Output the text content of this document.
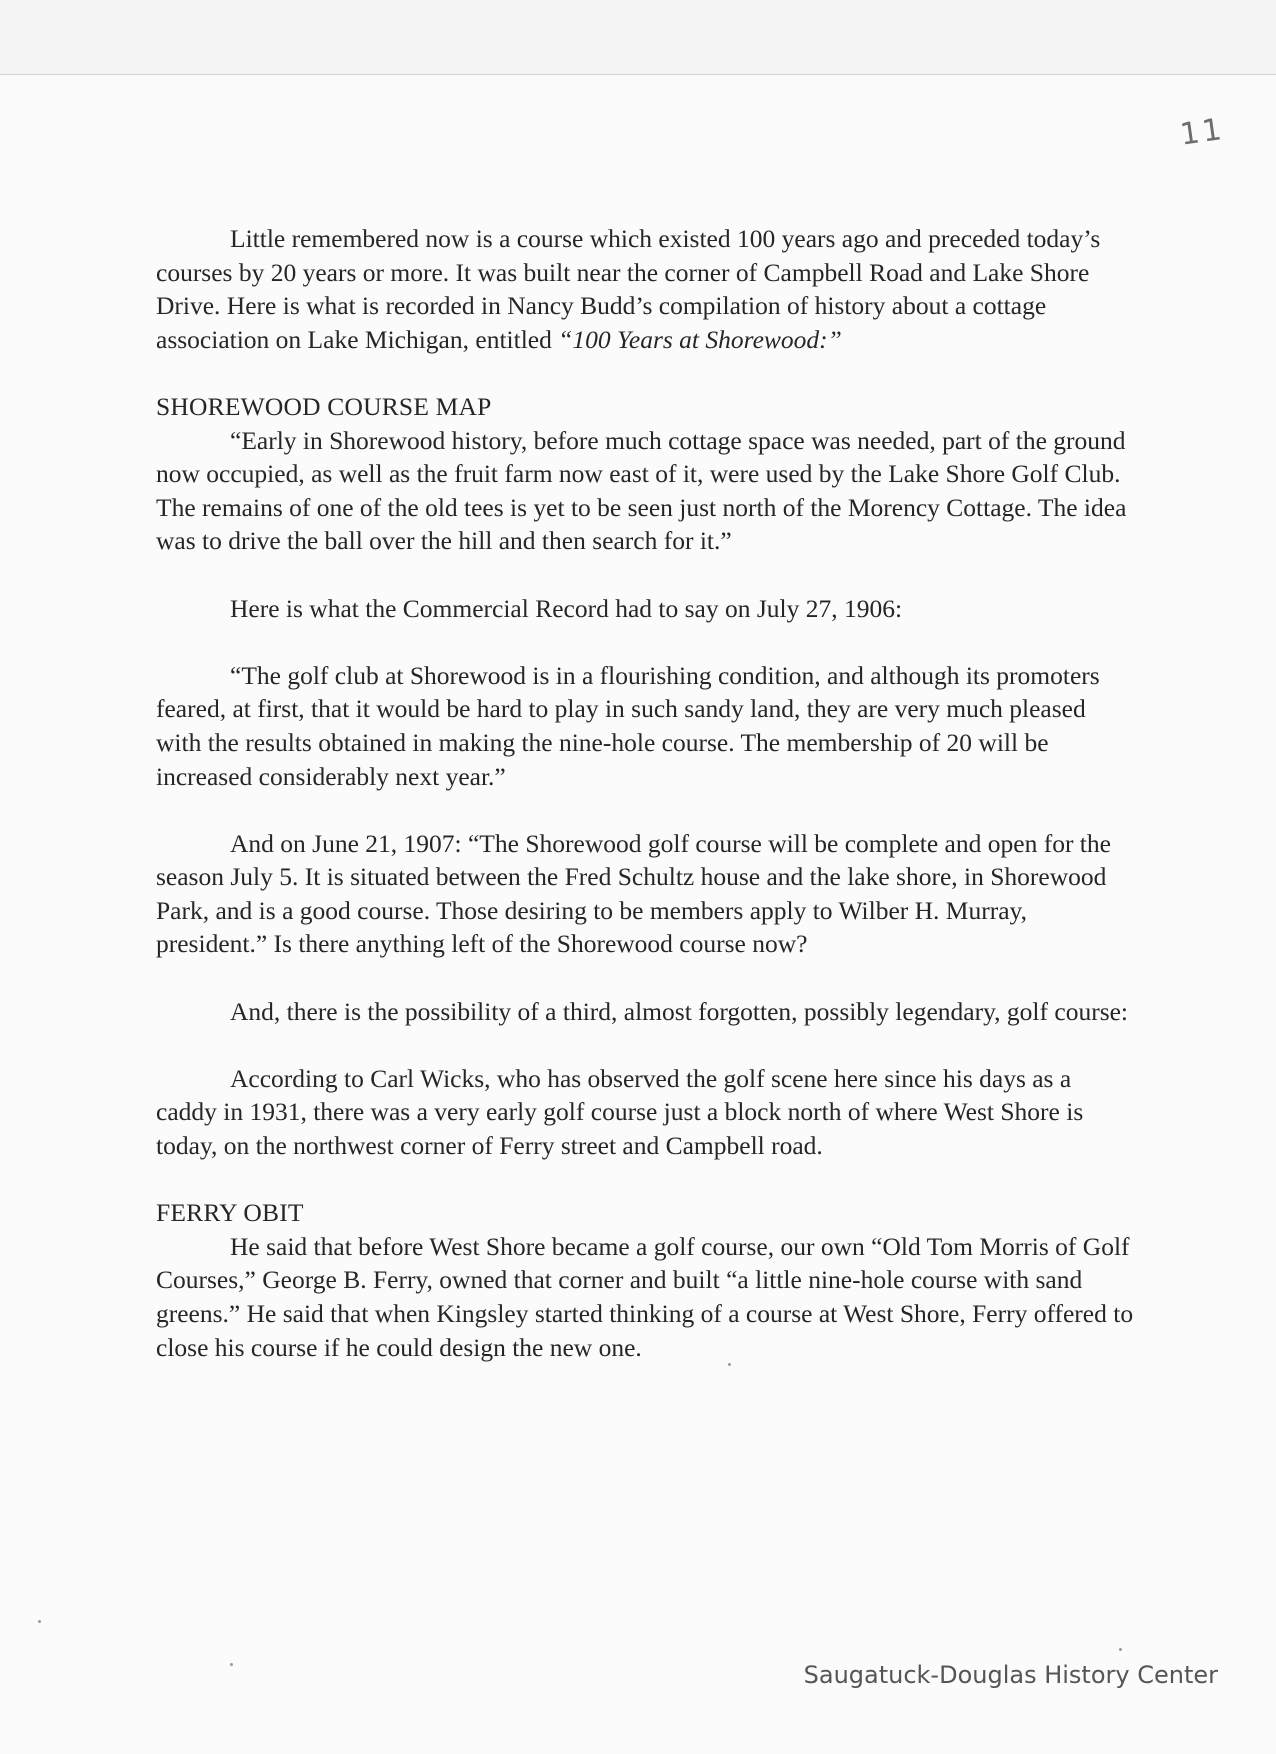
11

Little remembered now is a course which existed 100 years ago and preceded today’s courses by 20 years or more. It was built near the corner of Campbell Road and Lake Shore Drive. Here is what is recorded in Nancy Budd’s compilation of history about a cottage association on Lake Michigan, entitled “100 Years at Shorewood:”

SHOREWOOD COURSE MAP

“Early in Shorewood history, before much cottage space was needed, part of the ground now occupied, as well as the fruit farm now east of it, were used by the Lake Shore Golf Club. The remains of one of the old tees is yet to be seen just north of the Morency Cottage. The idea was to drive the ball over the hill and then search for it.”

Here is what the Commercial Record had to say on July 27, 1906:

“The golf club at Shorewood is in a flourishing condition, and although its promoters feared, at first, that it would be hard to play in such sandy land, they are very much pleased with the results obtained in making the nine-hole course. The membership of 20 will be increased considerably next year.”

And on June 21, 1907: “The Shorewood golf course will be complete and open for the season July 5. It is situated between the Fred Schultz house and the lake shore, in Shorewood Park, and is a good course. Those desiring to be members apply to Wilber H. Murray, president.” Is there anything left of the Shorewood course now?

And, there is the possibility of a third, almost forgotten, possibly legendary, golf course:

According to Carl Wicks, who has observed the golf scene here since his days as a caddy in 1931, there was a very early golf course just a block north of where West Shore is today, on the northwest corner of Ferry street and Campbell road.

FERRY OBIT

He said that before West Shore became a golf course, our own “Old Tom Morris of Golf Courses,” George B. Ferry, owned that corner and built “a little nine-hole course with sand greens.” He said that when Kingsley started thinking of a course at West Shore, Ferry offered to close his course if he could design the new one.

Saugatuck-Douglas History Center
